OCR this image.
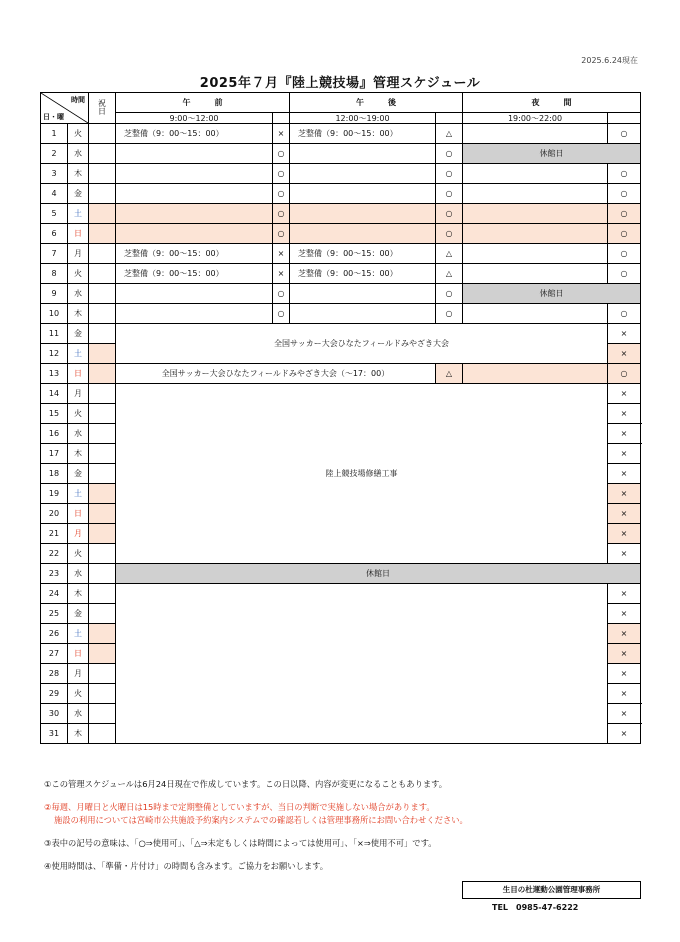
2025.6.24現在
2025年７月『陸上競技場』管理スケジュール
時間
日・曜		祝日	午　　　前		午　　　後		夜　　　間		
			9:00〜12:00		12:00〜19:00		19:00〜22:00		
1	火		芝整備（9：00〜15：00）	×	芝整備（9：00〜15：00）	△		○	
2	水			○		○	休館日		
3	木			○		○		○	
4	金			○		○		○	
5	土			○		○		○	
6	日			○		○		○	
7	月		芝整備（9：00〜15：00）	×	芝整備（9：00〜15：00）	△		○	
8	火		芝整備（9：00〜15：00）	×	芝整備（9：00〜15：00）	△		○	
9	水			○		○	休館日		
10	木			○		○		○	
11	金		全国サッカー大会ひなたフィールドみやざき大会					×	
12	土							×	
13	日		全国サッカー大会ひなたフィールドみやざき大会（〜17：00）			△		○	
14	月		陸上競技場修繕工事					×	
15	火							×	
16	水							×	
17	木							×	
18	金							×	
19	土							×	
20	日							×	
21	月							×	
22	火							×	
23	水		休館日						
24	木							×	
25	金							×	
26	土							×	
27	日							×	
28	月							×	
29	火							×	
30	水							×	
31	木							×	
①この管理スケジュールは6月24日現在で作成しています。この日以降、内容が変更になることもあります。
②毎週、月曜日と火曜日は15時まで定期整備としていますが、当日の判断で実施しない場合があります。
施設の利用については宮崎市公共施設予約案内システムでの確認若しくは管理事務所にお問い合わせください。
③表中の記号の意味は、「○⇒使用可」、「△⇒未定もしくは時間によっては使用可」、「×⇒使用不可」です。
④使用時間は、「準備・片付け」の時間も含みます。ご協力をお願いします。
生目の杜運動公園管理事務所
TEL　0985-47-6222
